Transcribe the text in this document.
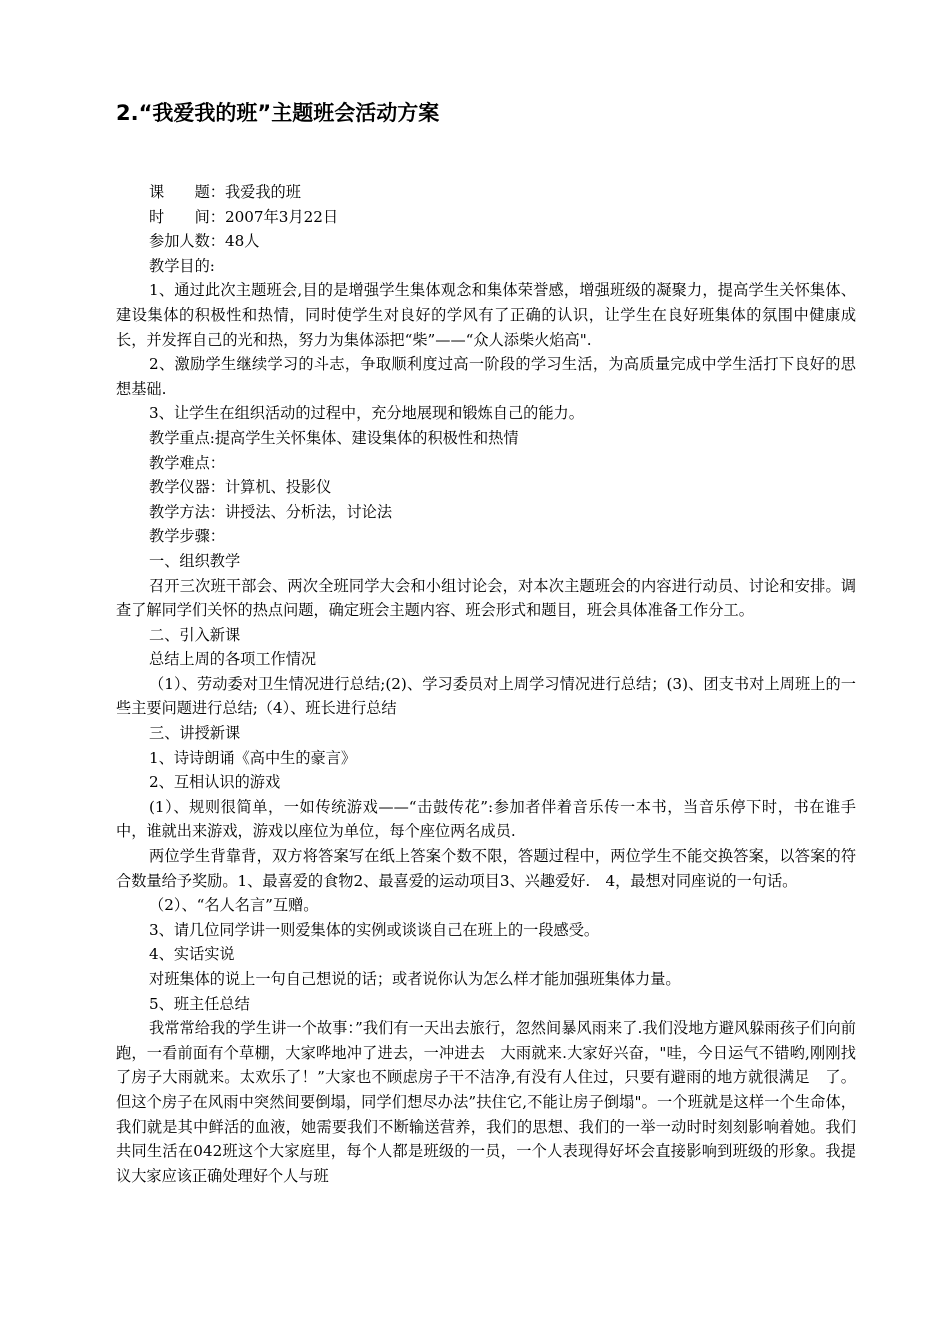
2.“我爱我的班”主题班会活动方案

课　　题：我爱我的班

时　　间：2007年3月22日

参加人数：48人

教学目的:

1、通过此次主题班会,目的是增强学生集体观念和集体荣誉感，增强班级的凝聚力，提高学生关怀集体、建设集体的积极性和热情，同时使学生对良好的学风有了正确的认识，让学生在良好班集体的氛围中健康成长，并发挥自己的光和热，努力为集体添把“柴”——“众人添柴火焰高".

2、激励学生继续学习的斗志，争取顺利度过高一阶段的学习生活，为高质量完成中学生活打下良好的思想基础.

3、让学生在组织活动的过程中，充分地展现和锻炼自己的能力。

教学重点:提高学生关怀集体、建设集体的积极性和热情

教学难点：

教学仪器：计算机、投影仪

教学方法：讲授法、分析法，讨论法

教学步骤：

一、组织教学

召开三次班干部会、两次全班同学大会和小组讨论会，对本次主题班会的内容进行动员、讨论和安排。调查了解同学们关怀的热点问题，确定班会主题内容、班会形式和题目，班会具体准备工作分工。

二、引入新课

总结上周的各项工作情况

（1）、劳动委对卫生情况进行总结;(2)、学习委员对上周学习情况进行总结；(3)、团支书对上周班上的一些主要问题进行总结;（4）、班长进行总结

三、讲授新课

1、诗诗朗诵《高中生的豪言》

2、互相认识的游戏

(1）、规则很简单，一如传统游戏——“击鼓传花”:参加者伴着音乐传一本书，当音乐停下时，书在谁手中，谁就出来游戏，游戏以座位为单位，每个座位两名成员.

两位学生背靠背，双方将答案写在纸上答案个数不限，答题过程中，两位学生不能交换答案，以答案的符合数量给予奖励。1、最喜爱的食物2、最喜爱的运动项目3、兴趣爱好.　4，最想对同座说的一句话。

（2）、“名人名言”互赠。

3、请几位同学讲一则爱集体的实例或谈谈自己在班上的一段感受。

4、实话实说

对班集体的说上一句自己想说的话；或者说你认为怎么样才能加强班集体力量。

5、班主任总结

我常常给我的学生讲一个故事：”我们有一天出去旅行，忽然间暴风雨来了.我们没地方避风躲雨孩子们向前跑，一看前面有个草棚，大家哗地冲了进去，一冲进去　大雨就来.大家好兴奋，"哇，今日运气不错哟,刚刚找了房子大雨就来。太欢乐了！”大家也不顾虑房子干不洁净,有没有人住过，只要有避雨的地方就很满足　了。但这个房子在风雨中突然间要倒塌，同学们想尽办法”扶住它,不能让房子倒塌"。一个班就是这样一个生命体，我们就是其中鲜活的血液，她需要我们不断输送营养，我们的思想、我们的一举一动时时刻刻影响着她。我们共同生活在042班这个大家庭里，每个人都是班级的一员，一个人表现得好坏会直接影响到班级的形象。我提议大家应该正确处理好个人与班
